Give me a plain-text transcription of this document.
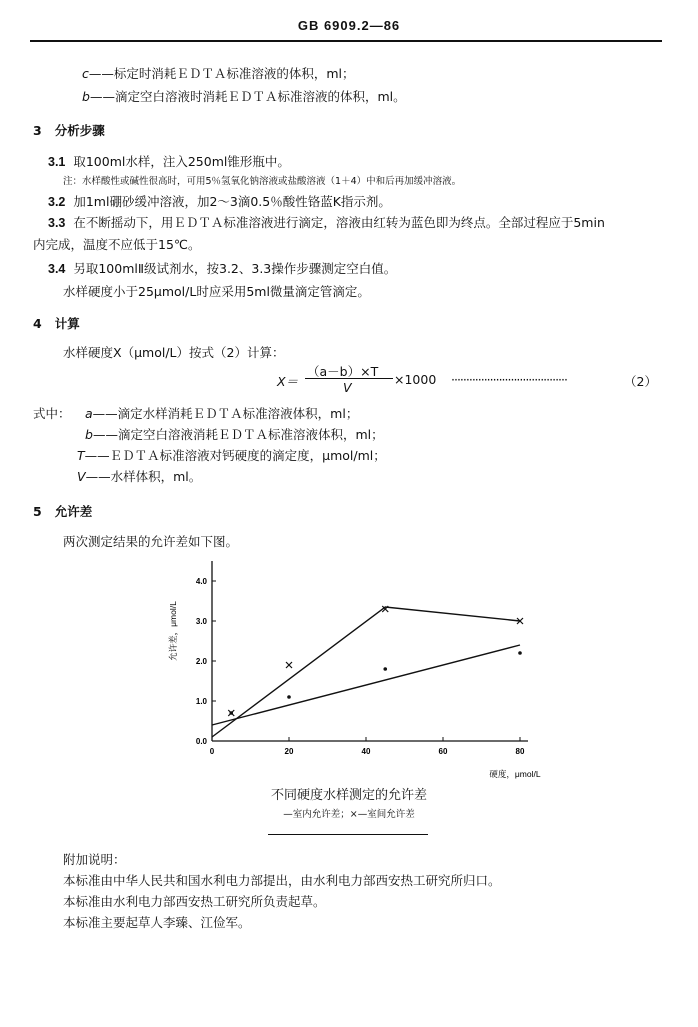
GB 6909.2—86
c——标定时消耗ＥＤＴＡ标准溶液的体积，ml；
b——滴定空白溶液时消耗ＥＤＴＡ标准溶液的体积，ml。
3 分析步骤
3.1 取100ml水样，注入250ml锥形瓶中。
注：水样酸性或碱性很高时，可用5％氢氧化钠溶液或盐酸溶液（1＋4）中和后再加缓冲溶液。
3.2 加1ml硼砂缓冲溶液，加2～3滴0.5％酸性铬蓝K指示剂。
3.3 在不断摇动下，用ＥＤＴＡ标准溶液进行滴定，溶液由红转为蓝色即为终点。全部过程应于5min
内完成，温度不应低于15℃。
3.4 另取100mlⅡ级试剂水，按3.2、3.3操作步骤测定空白值。
水样硬度小于25μmol/L时应采用5ml微量滴定管滴定。
4 计算
水样硬度X（μmol/L）按式（2）计算：
X＝
（a－b）×T
V
×1000 ·······································	（2）
式中： a——滴定水样消耗ＥＤＴＡ标准溶液体积，ml；
b——滴定空白溶液消耗ＥＤＴＡ标准溶液体积，ml；
T——ＥＤＴＡ标准溶液对钙硬度的滴定度，μmol/ml；
V——水样体积，ml。
5 允许差
两次测定结果的允许差如下图。
0	20	40	60	80
0.0
1.0
2.0
3.0
4.0
允许差，μmol/L
硬度，μmol/L
不同硬度水样测定的允许差
—室内允许差；×—室间允许差
附加说明：
本标准由中华人民共和国水利电力部提出，由水利电力部西安热工研究所归口。
本标准由水利电力部西安热工研究所负责起草。
本标准主要起草人李臻、江俭军。
